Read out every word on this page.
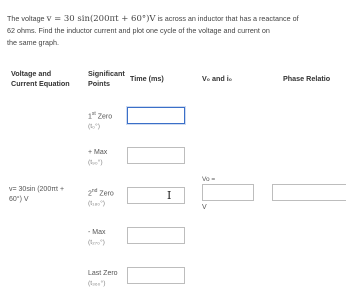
The voltage v = 30 sin(200πt + 60°)V is across an inductor that has a reactance of
62 ohms. Find the inductor current and plot one cycle of the voltage and current on
the same graph.
Voltage and
Current Equation
Significant
Points
Time (ms)	V₀ and i₀	Phase Relatio
v= 30sin (200πt +
60°) V
1st Zero
(t₀°)
+ Max
(t₉₀°)
2nd Zero
(t₁₈₀°)
- Max
(t₂₇₀°)
Last Zero
(t₃₆₀°)
I
Vo =
V
